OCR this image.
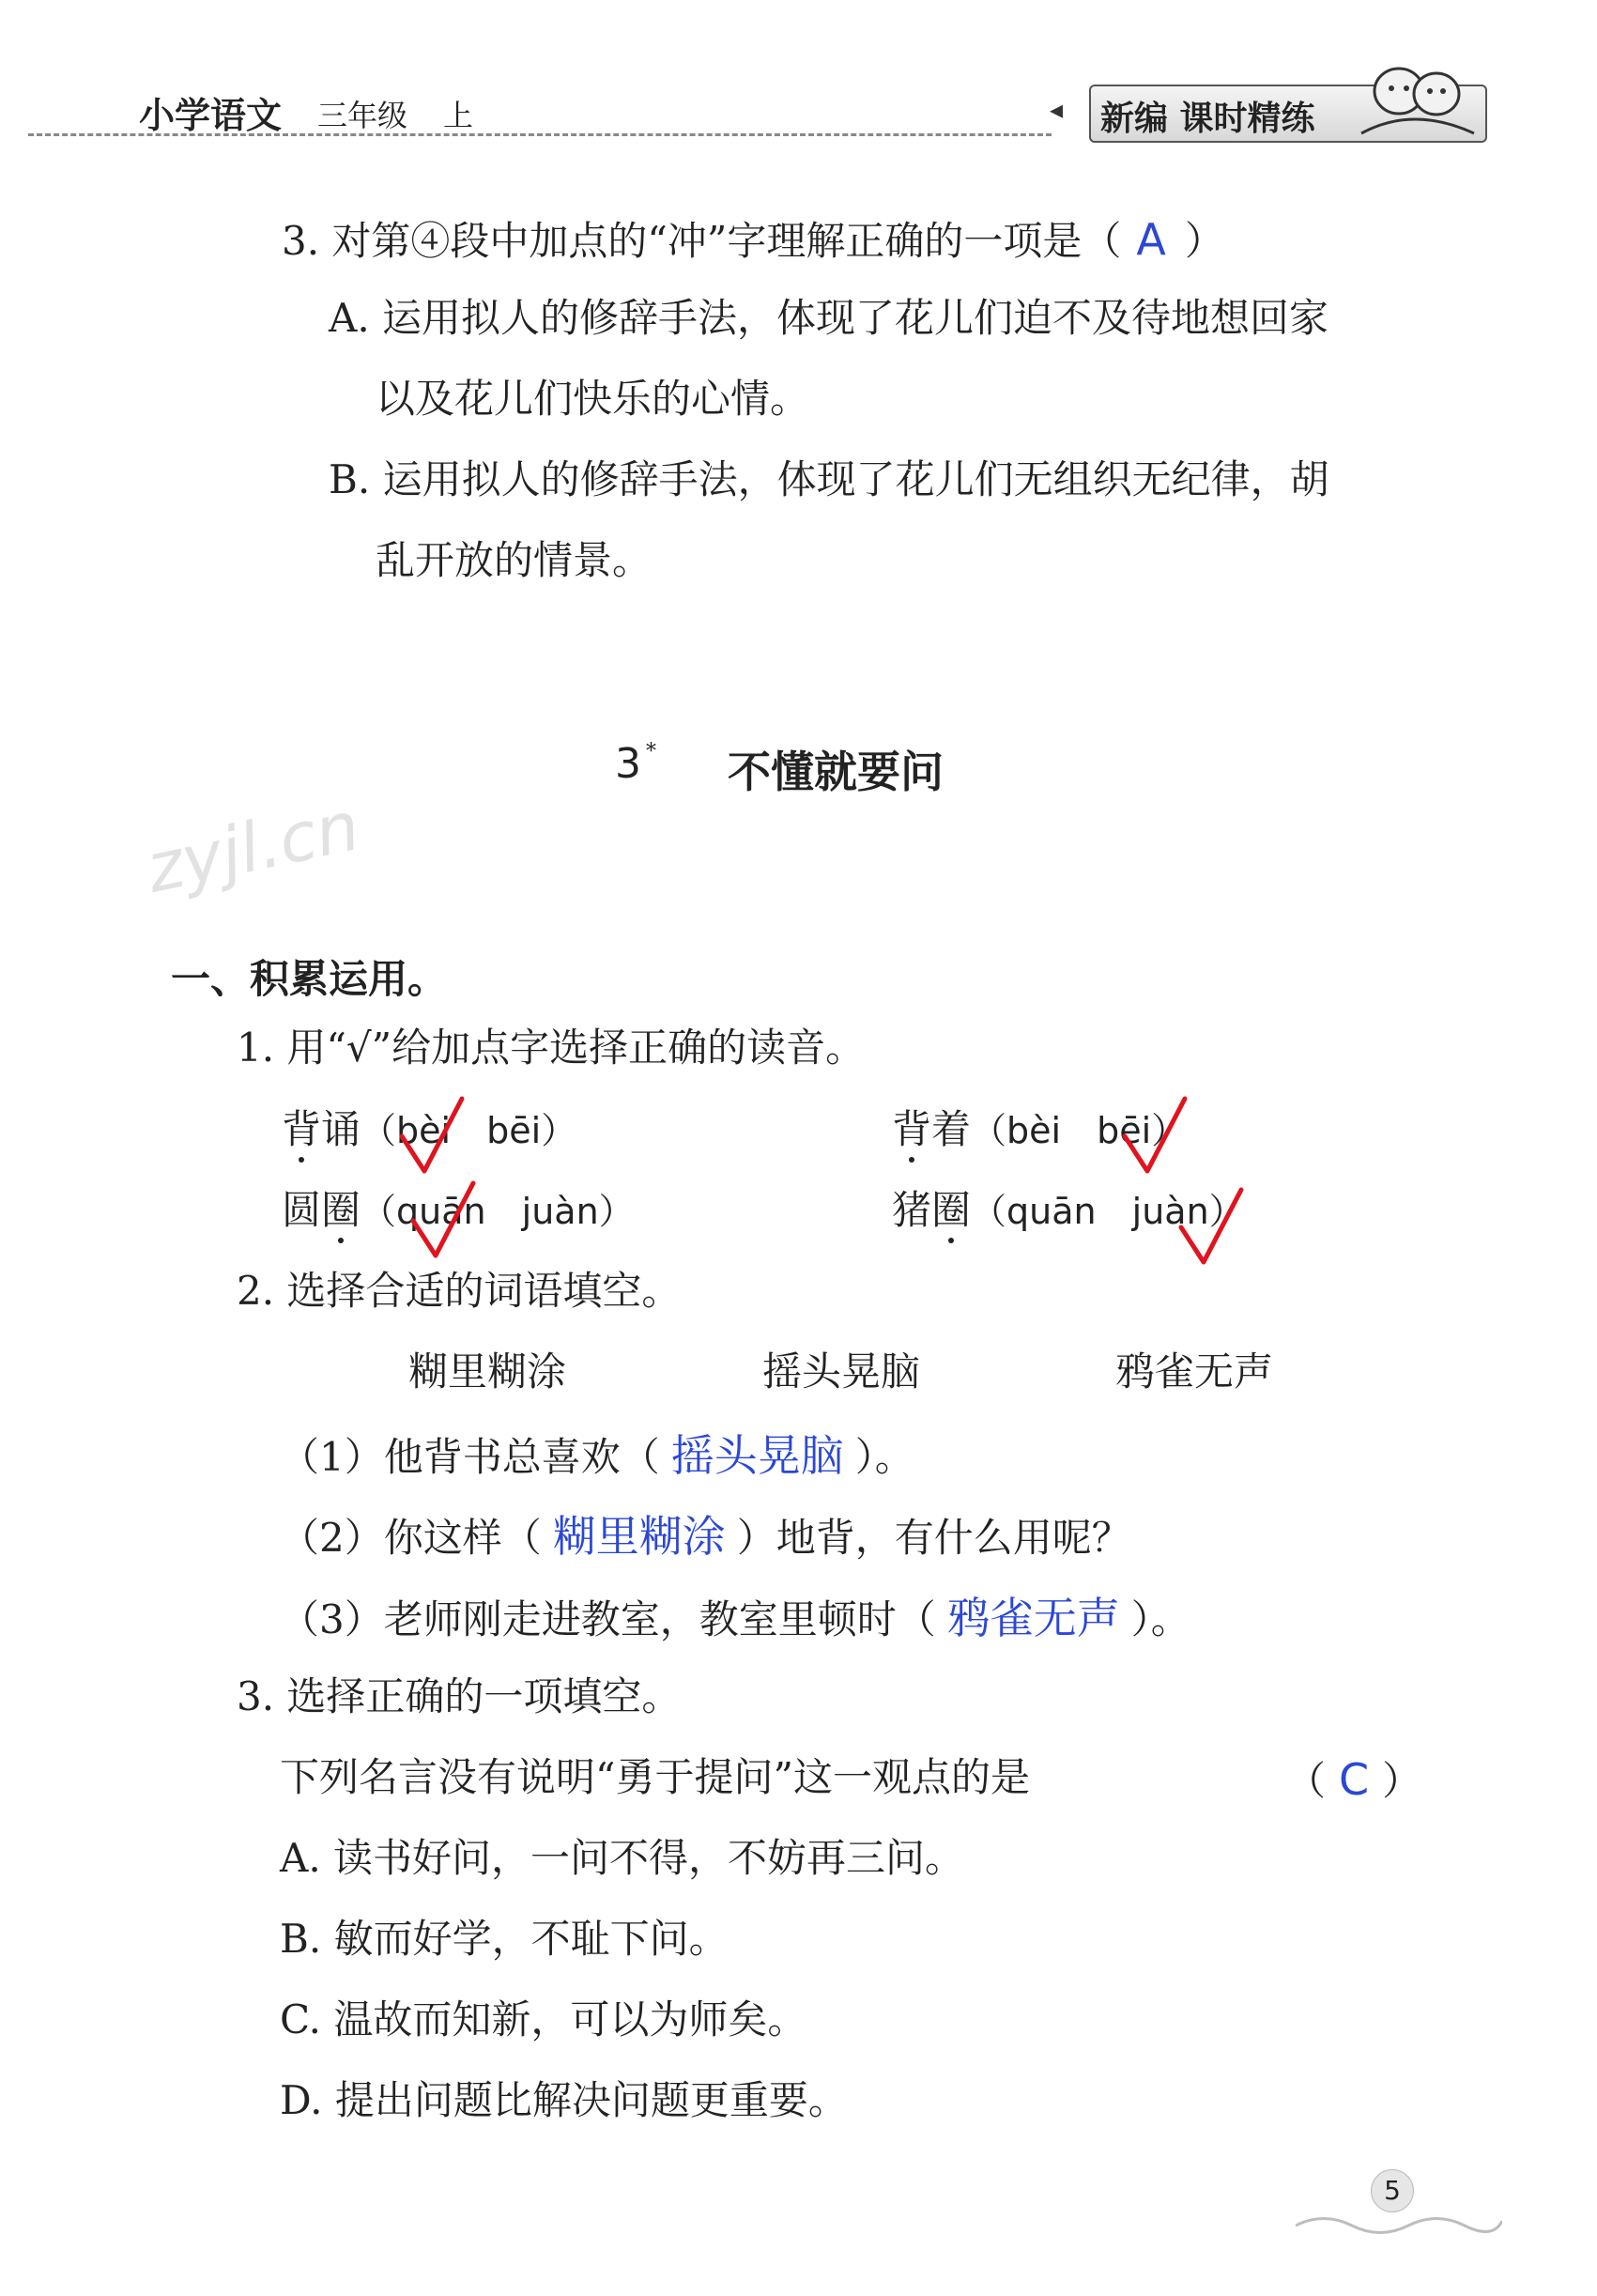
小学语文 三年级 上	◂ 新编 课时精练
3. 对第④段中加点的“冲”字理解正确的一项是（ A ）
A. 运用拟人的修辞手法，体现了花儿们迫不及待地想回家
以及花儿们快乐的心情。
B. 运用拟人的修辞手法，体现了花儿们无组织无纪律，胡
乱开放的情景。
3 * 不懂就要问
zyjl.cn
一、积累运用。
1. 用“√”给加点字选择正确的读音。
背诵（bèi　 bēi）	背着（bèi　 bēi）
圆圈（quān　 juàn）	猪圈（quān　 juàn）
2. 选择合适的词语填空。
糊里糊涂	摇头晃脑	鸦雀无声
（1）他背书总喜欢（ 摇头晃脑 ）。
（2）你这样（ 糊里糊涂 ）地背，有什么用呢？
（3）老师刚走进教室，教室里顿时（ 鸦雀无声 ）。
3. 选择正确的一项填空。
下列名言没有说明“勇于提问”这一观点的是	（ C ）
A. 读书好问，一问不得，不妨再三问。
B. 敏而好学，不耻下问。
C. 温故而知新，可以为师矣。
D. 提出问题比解决问题更重要。
5
